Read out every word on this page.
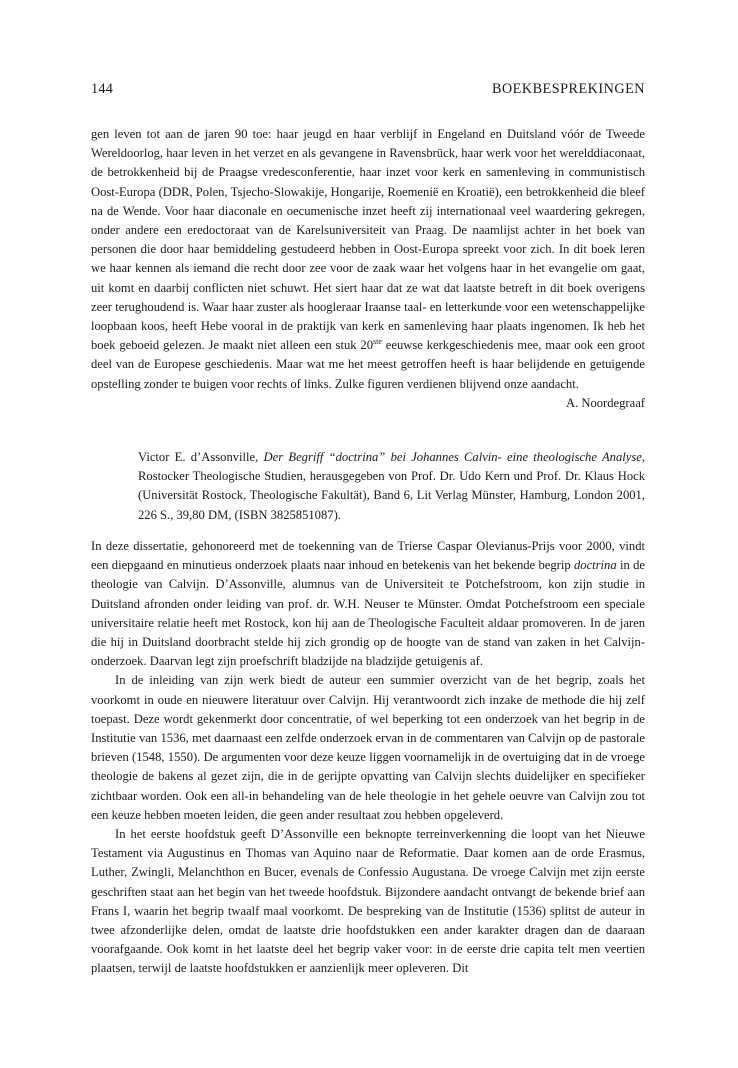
144	BOEKBESPREKINGEN

gen leven tot aan de jaren 90 toe: haar jeugd en haar verblijf in Engeland en Duitsland vóór de Tweede Wereldoorlog, haar leven in het verzet en als gevangene in Ravensbrück, haar werk voor het werelddiaconaat, de betrokkenheid bij de Praagse vredesconferentie, haar inzet voor kerk en samenleving in communistisch Oost-Europa (DDR, Polen, Tsjecho-Slowakije, Hongarije, Roemenië en Kroatië), een betrokkenheid die bleef na de Wende. Voor haar diaconale en oecumenische inzet heeft zij internationaal veel waardering gekregen, onder andere een eredoctoraat van de Karelsuniversiteit van Praag. De naamlijst achter in het boek van personen die door haar bemiddeling gestudeerd hebben in Oost-Europa spreekt voor zich. In dit boek leren we haar kennen als iemand die recht door zee voor de zaak waar het volgens haar in het evangelie om gaat, uit komt en daarbij conflicten niet schuwt. Het siert haar dat ze wat dat laatste betreft in dit boek overigens zeer terughoudend is. Waar haar zuster als hoogleraar Iraanse taal- en letterkunde voor een wetenschappelijke loopbaan koos, heeft Hebe vooral in de praktijk van kerk en samenleving haar plaats ingenomen. Ik heb het boek geboeid gelezen. Je maakt niet alleen een stuk 20ste eeuwse kerkgeschiedenis mee, maar ook een groot deel van de Europese geschiedenis. Maar wat me het meest getroffen heeft is haar belijdende en getuigende opstelling zonder te buigen voor rechts of links. Zulke figuren verdienen blijvend onze aandacht.

A. Noordegraaf

Victor E. d’Assonville, Der Begriff “doctrina” bei Johannes Calvin- eine theologische Analyse, Rostocker Theologische Studien, herausgegeben von Prof. Dr. Udo Kern und Prof. Dr. Klaus Hock (Universität Rostock, Theologische Fakultät), Band 6, Lit Verlag Münster, Hamburg, London 2001, 226 S., 39,80 DM, (ISBN 3825851087).

In deze dissertatie, gehonoreerd met de toekenning van de Trierse Caspar Olevianus-Prijs voor 2000, vindt een diepgaand en minutieus onderzoek plaats naar inhoud en betekenis van het bekende begrip doctrina in de theologie van Calvijn. D’Assonville, alumnus van de Universiteit te Potchefstroom, kon zijn studie in Duitsland afronden onder leiding van prof. dr. W.H. Neuser te Münster. Omdat Potchefstroom een speciale universitaire relatie heeft met Rostock, kon hij aan de Theologische Faculteit aldaar promoveren. In de jaren die hij in Duitsland doorbracht stelde hij zich grondig op de hoogte van de stand van zaken in het Calvijn-onderzoek. Daarvan legt zijn proefschrift bladzijde na bladzijde getuigenis af.

In de inleiding van zijn werk biedt de auteur een summier overzicht van de het begrip, zoals het voorkomt in oude en nieuwere literatuur over Calvijn. Hij verantwoordt zich inzake de methode die hij zelf toepast. Deze wordt gekenmerkt door concentratie, of wel beperking tot een onderzoek van het begrip in de Institutie van 1536, met daarnaast een zelfde onderzoek ervan in de commentaren van Calvijn op de pastorale brieven (1548, 1550). De argumenten voor deze keuze liggen voornamelijk in de overtuiging dat in de vroege theologie de bakens al gezet zijn, die in de gerijpte opvatting van Calvijn slechts duidelijker en specifieker zichtbaar worden. Ook een all-in behandeling van de hele theologie in het gehele oeuvre van Calvijn zou tot een keuze hebben moeten leiden, die geen ander resultaat zou hebben opgeleverd.

In het eerste hoofdstuk geeft D’Assonville een beknopte terreinverkenning die loopt van het Nieuwe Testament via Augustinus en Thomas van Aquino naar de Reformatie. Daar komen aan de orde Erasmus, Luther, Zwingli, Melanchthon en Bucer, evenals de Confessio Augustana. De vroege Calvijn met zijn eerste geschriften staat aan het begin van het tweede hoofdstuk. Bijzondere aandacht ontvangt de bekende brief aan Frans I, waarin het begrip twaalf maal voorkomt. De bespreking van de Institutie (1536) splitst de auteur in twee afzonderlijke delen, omdat de laatste drie hoofdstukken een ander karakter dragen dan de daaraan voorafgaande. Ook komt in het laatste deel het begrip vaker voor: in de eerste drie capita telt men veertien plaatsen, terwijl de laatste hoofdstukken er aanzienlijk meer opleveren. Dit
